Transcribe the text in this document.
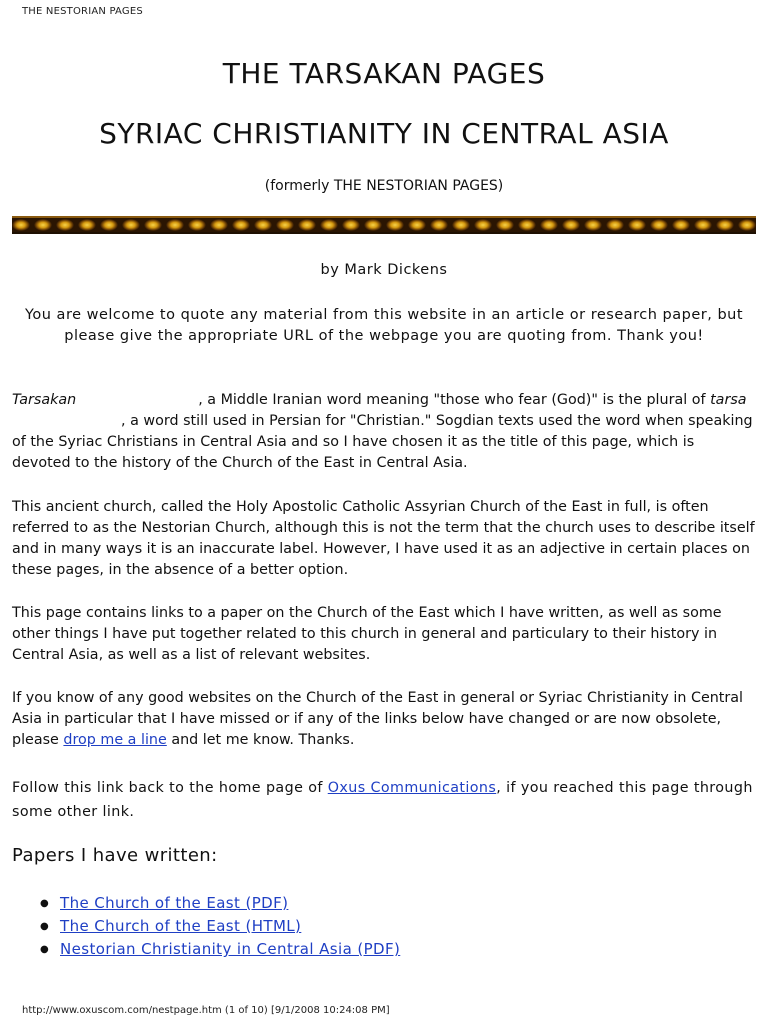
THE NESTORIAN PAGES
THE TARSAKAN PAGES
SYRIAC CHRISTIANITY IN CENTRAL ASIA
(formerly THE NESTORIAN PAGES)
by Mark Dickens
You are welcome to quote any material from this website in an article or research paper, but please give the appropriate URL of the webpage you are quoting from. Thank you!

Tarsakan	, a Middle Iranian word meaning "those who fear (God)" is the plural of tarsa, a word still used in Persian for "Christian." Sogdian texts used the word when speaking of the Syriac Christians in Central Asia and so I have chosen it as the title of this page, which is devoted to the history of the Church of the East in Central Asia.

This ancient church, called the Holy Apostolic Catholic Assyrian Church of the East in full, is often referred to as the Nestorian Church, although this is not the term that the church uses to describe itself and in many ways it is an inaccurate label. However, I have used it as an adjective in certain places on these pages, in the absence of a better option.

This page contains links to a paper on the Church of the East which I have written, as well as some other things I have put together related to this church in general and particulary to their history in Central Asia, as well as a list of relevant websites.

If you know of any good websites on the Church of the East in general or Syriac Christianity in Central Asia in particular that I have missed or if any of the links below have changed or are now obsolete, please drop me a line and let me know. Thanks.

Follow this link back to the home page of Oxus Communications, if you reached this page through some other link.

Papers I have written:
● The Church of the East (PDF)
● The Church of the East (HTML)
● Nestorian Christianity in Central Asia (PDF)
http://www.oxuscom.com/nestpage.htm (1 of 10) [9/1/2008 10:24:08 PM]
